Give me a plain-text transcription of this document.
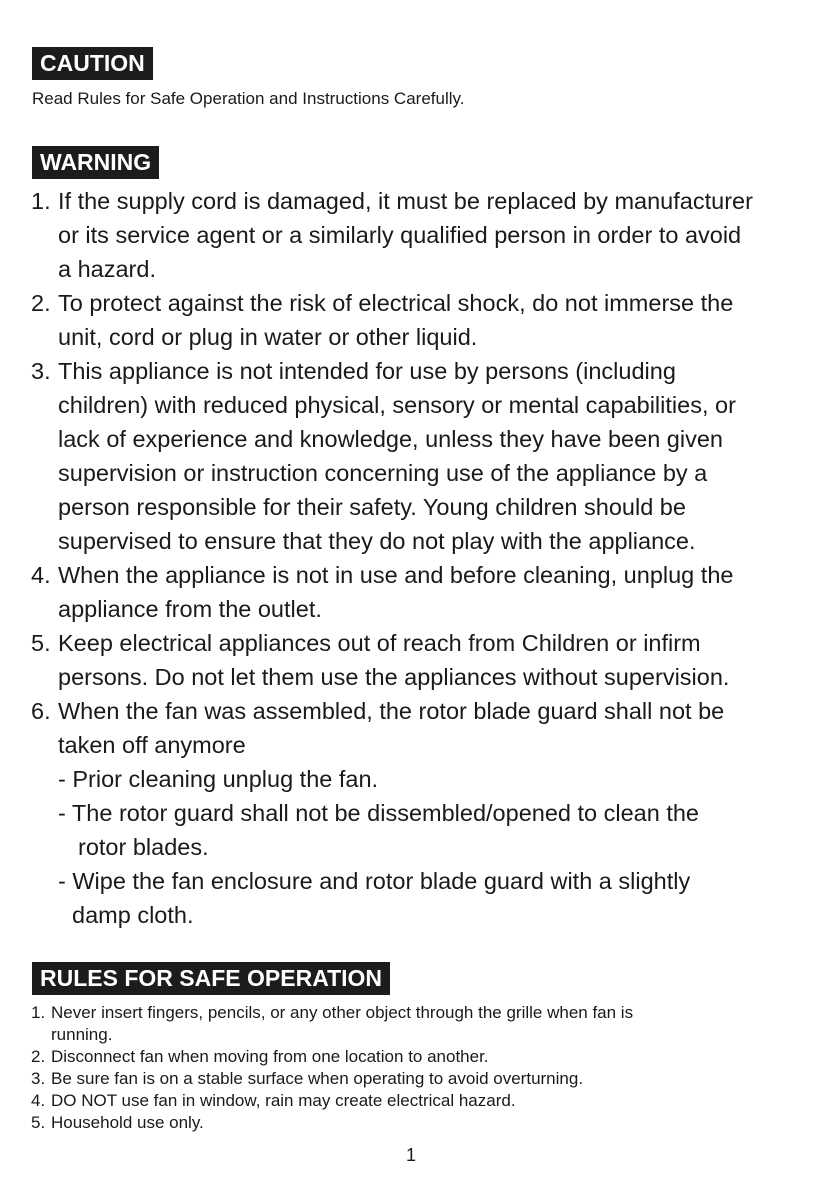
CAUTION
Read Rules for Safe Operation and Instructions Carefully.
WARNING
1. If the supply cord is damaged, it must be replaced by manufacturer
or its service agent or a similarly qualified person in order to avoid
a hazard.
2. To protect against the risk of electrical shock, do not immerse the
unit, cord or plug in water or other liquid.
3. This appliance is not intended for use by persons (including
children) with reduced physical, sensory or mental capabilities, or
lack of experience and knowledge, unless they have been given
supervision or instruction concerning use of the appliance by a
person responsible for their safety. Young children should be
supervised to ensure that they do not play with the appliance.
4. When the appliance is not in use and before cleaning, unplug the
appliance from the outlet.
5. Keep electrical appliances out of reach from Children or infirm
persons. Do not let them use the appliances without supervision.
6. When the fan was assembled, the rotor blade guard shall not be
taken off anymore
- Prior cleaning unplug the fan.
- The rotor guard shall not be dissembled/opened to clean the
rotor blades.
- Wipe the fan enclosure and rotor blade guard with a slightly
damp cloth.
RULES FOR SAFE OPERATION
1. Never insert fingers, pencils, or any other object through the grille when fan is
running.
2. Disconnect fan when moving from one location to another.
3. Be sure fan is on a stable surface when operating to avoid overturning.
4. DO NOT use fan in window, rain may create electrical hazard.
5. Household use only.
1
